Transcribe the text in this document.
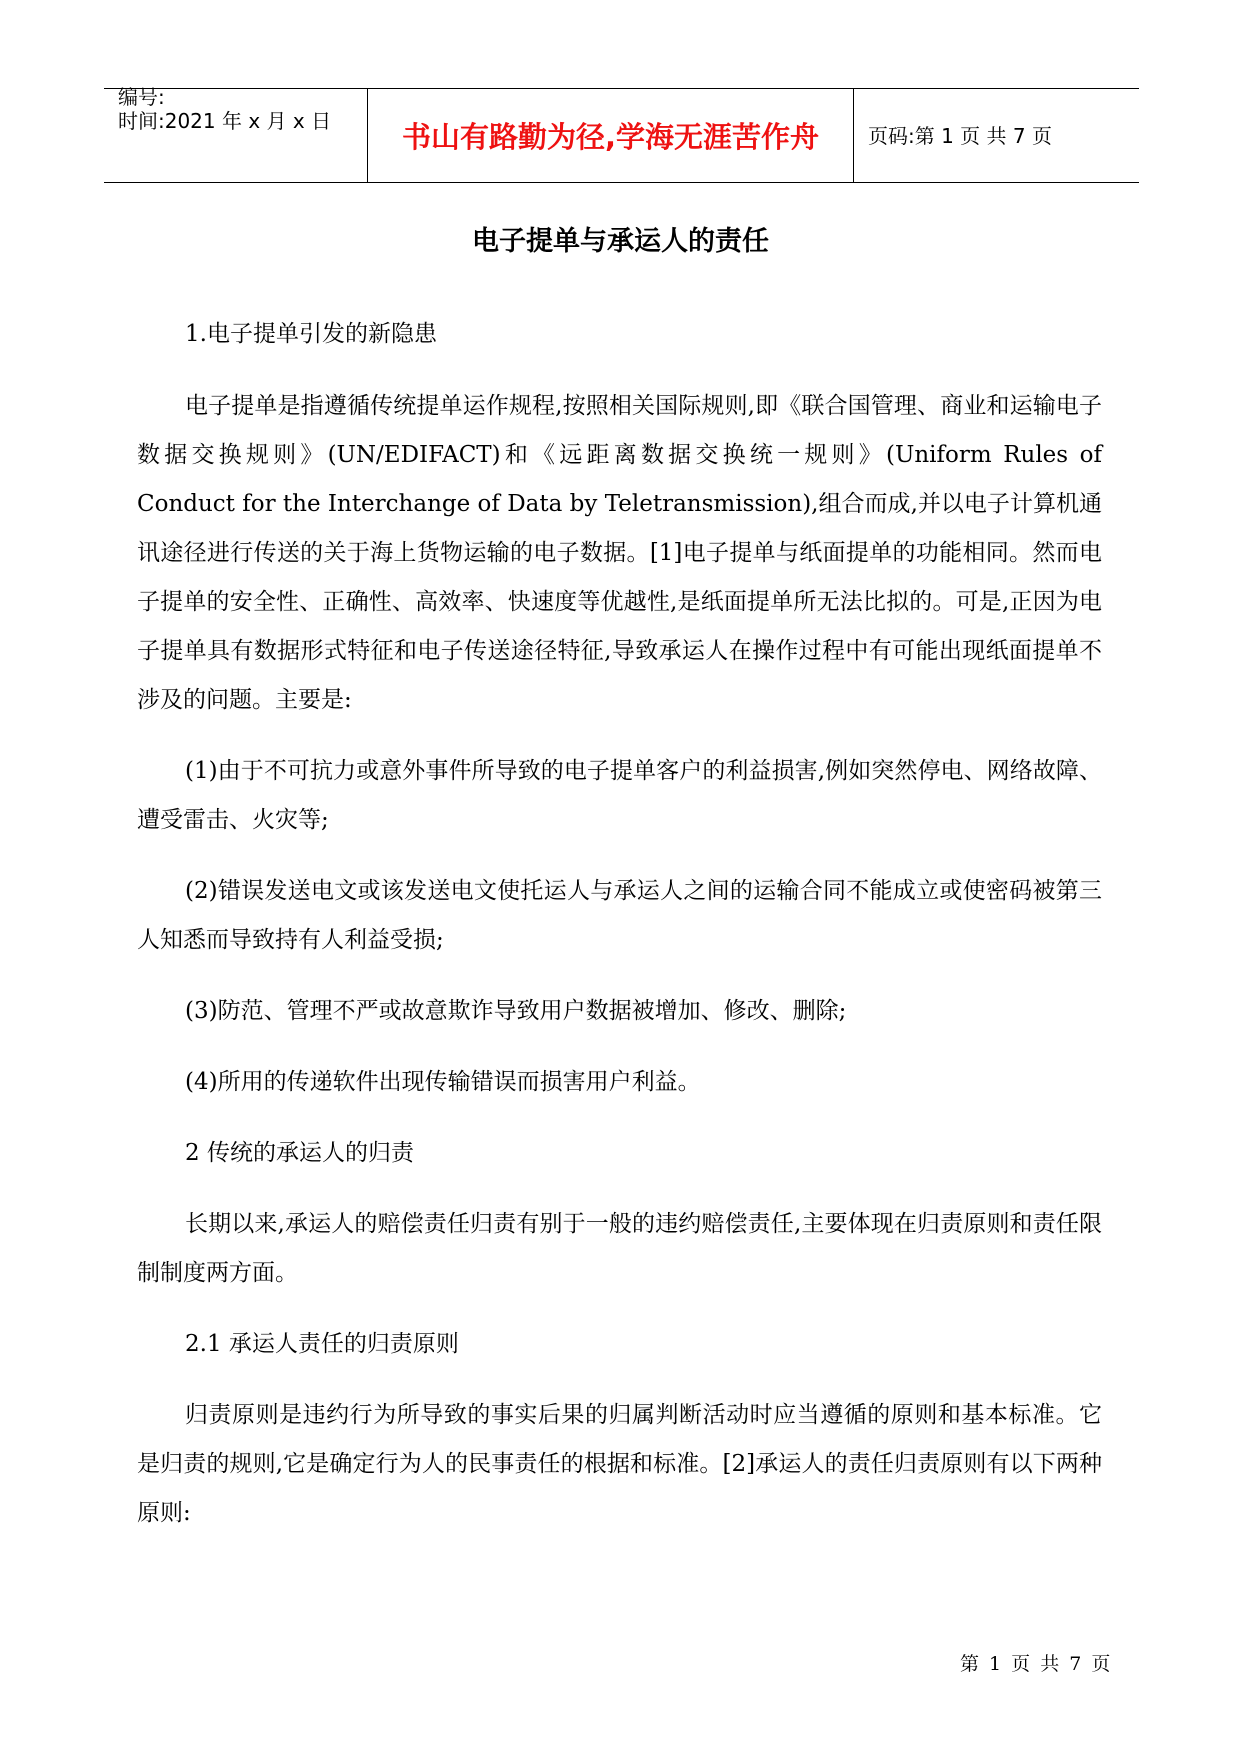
编号:
时间:2021 年 x 月 x 日	书山有路勤为径,学海无涯苦作舟	页码:第 1 页 共 7 页
电子提单与承运人的责任

1.电子提单引发的新隐患

电子提单是指遵循传统提单运作规程,按照相关国际规则,即《联合国管理、商业和运输电子数据交换规则》(UN/EDIFACT)和《远距离数据交换统一规则》(Uniform Rules of Conduct for the Interchange of Data by Teletransmission),组合而成,并以电子计算机通讯途径进行传送的关于海上货物运输的电子数据。[1]电子提单与纸面提单的功能相同。然而电子提单的安全性、正确性、高效率、快速度等优越性,是纸面提单所无法比拟的。可是,正因为电子提单具有数据形式特征和电子传送途径特征,导致承运人在操作过程中有可能出现纸面提单不涉及的问题。主要是:

(1)由于不可抗力或意外事件所导致的电子提单客户的利益损害,例如突然停电、网络故障、遭受雷击、火灾等;

(2)错误发送电文或该发送电文使托运人与承运人之间的运输合同不能成立或使密码被第三人知悉而导致持有人利益受损;

(3)防范、管理不严或故意欺诈导致用户数据被增加、修改、删除;

(4)所用的传递软件出现传输错误而损害用户利益。

2 传统的承运人的归责

长期以来,承运人的赔偿责任归责有别于一般的违约赔偿责任,主要体现在归责原则和责任限制制度两方面。

2.1 承运人责任的归责原则

归责原则是违约行为所导致的事实后果的归属判断活动时应当遵循的原则和基本标准。它是归责的规则,它是确定行为人的民事责任的根据和标准。[2]承运人的责任归责原则有以下两种原则:

第 1 页 共 7 页
